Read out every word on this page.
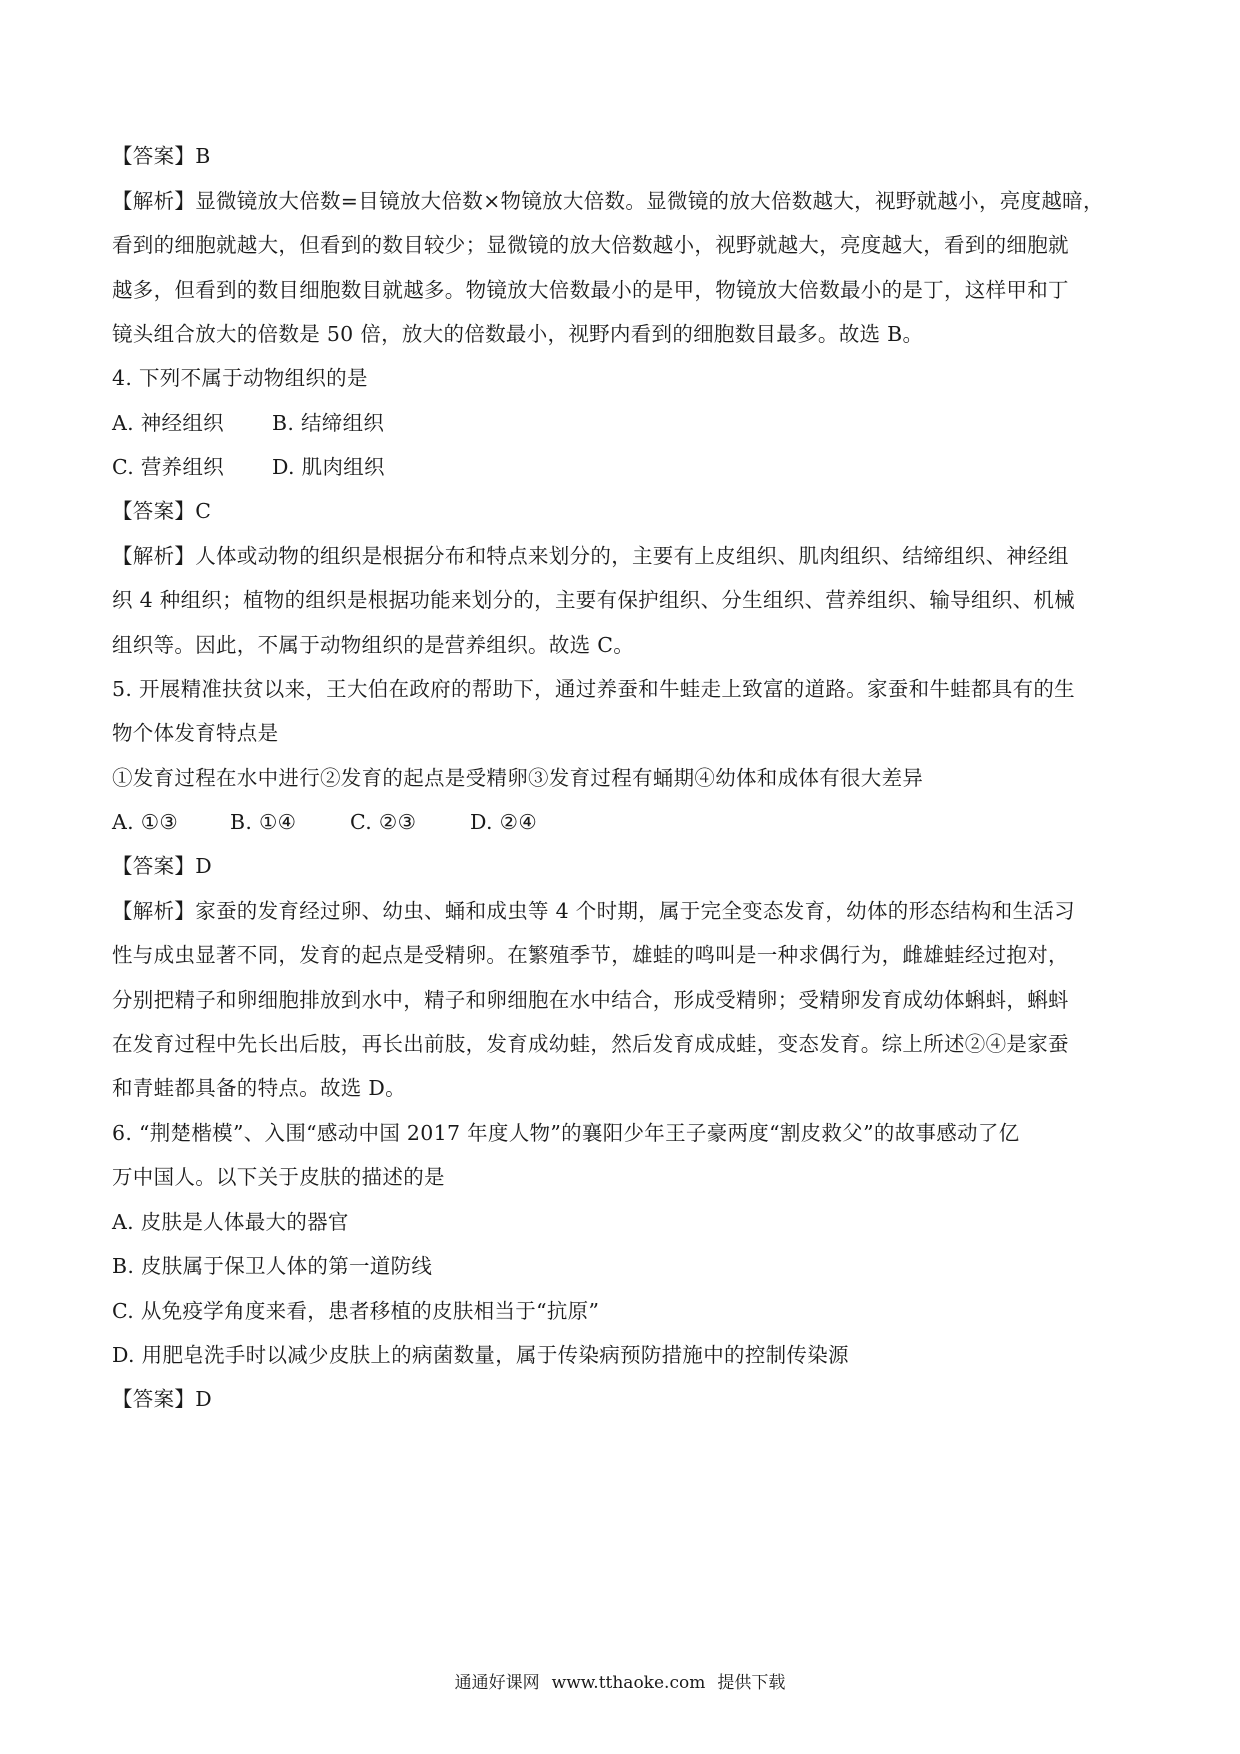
【答案】B
【解析】显微镜放大倍数=目镜放大倍数×物镜放大倍数。显微镜的放大倍数越大，视野就越小，亮度越暗，
看到的细胞就越大，但看到的数目较少；显微镜的放大倍数越小，视野就越大，亮度越大，看到的细胞就
越多，但看到的数目细胞数目就越多。物镜放大倍数最小的是甲，物镜放大倍数最小的是丁，这样甲和丁
镜头组合放大的倍数是 50 倍，放大的倍数最小，视野内看到的细胞数目最多。故选 B。
4. 下列不属于动物组织的是
A. 神经组织 B. 结缔组织
C. 营养组织 D. 肌肉组织
【答案】C
【解析】人体或动物的组织是根据分布和特点来划分的，主要有上皮组织、肌肉组织、结缔组织、神经组
织 4 种组织；植物的组织是根据功能来划分的，主要有保护组织、分生组织、营养组织、输导组织、机械
组织等。因此，不属于动物组织的是营养组织。故选 C。
5. 开展精准扶贫以来，王大伯在政府的帮助下，通过养蚕和牛蛙走上致富的道路。家蚕和牛蛙都具有的生
物个体发育特点是
①发育过程在水中进行②发育的起点是受精卵③发育过程有蛹期④幼体和成体有很大差异
A. ①③	B. ①④	C. ②③	D. ②④
【答案】D
【解析】家蚕的发育经过卵、幼虫、蛹和成虫等 4 个时期，属于完全变态发育，幼体的形态结构和生活习
性与成虫显著不同，发育的起点是受精卵。在繁殖季节，雄蛙的鸣叫是一种求偶行为，雌雄蛙经过抱对，
分别把精子和卵细胞排放到水中，精子和卵细胞在水中结合，形成受精卵；受精卵发育成幼体蝌蚪，蝌蚪
在发育过程中先长出后肢，再长出前肢，发育成幼蛙，然后发育成成蛙，变态发育。综上所述②④是家蚕
和青蛙都具备的特点。故选 D。
6. “荆楚楷模”、入围“感动中国 2017 年度人物”的襄阳少年王子豪两度“割皮救父”的故事感动了亿
万中国人。以下关于皮肤的描述的是
A. 皮肤是人体最大的器官
B. 皮肤属于保卫人体的第一道防线
C. 从免疫学角度来看，患者移植的皮肤相当于“抗原”
D. 用肥皂洗手时以减少皮肤上的病菌数量，属于传染病预防措施中的控制传染源
【答案】D
通通好课网 www.tthaoke.com 提供下载
